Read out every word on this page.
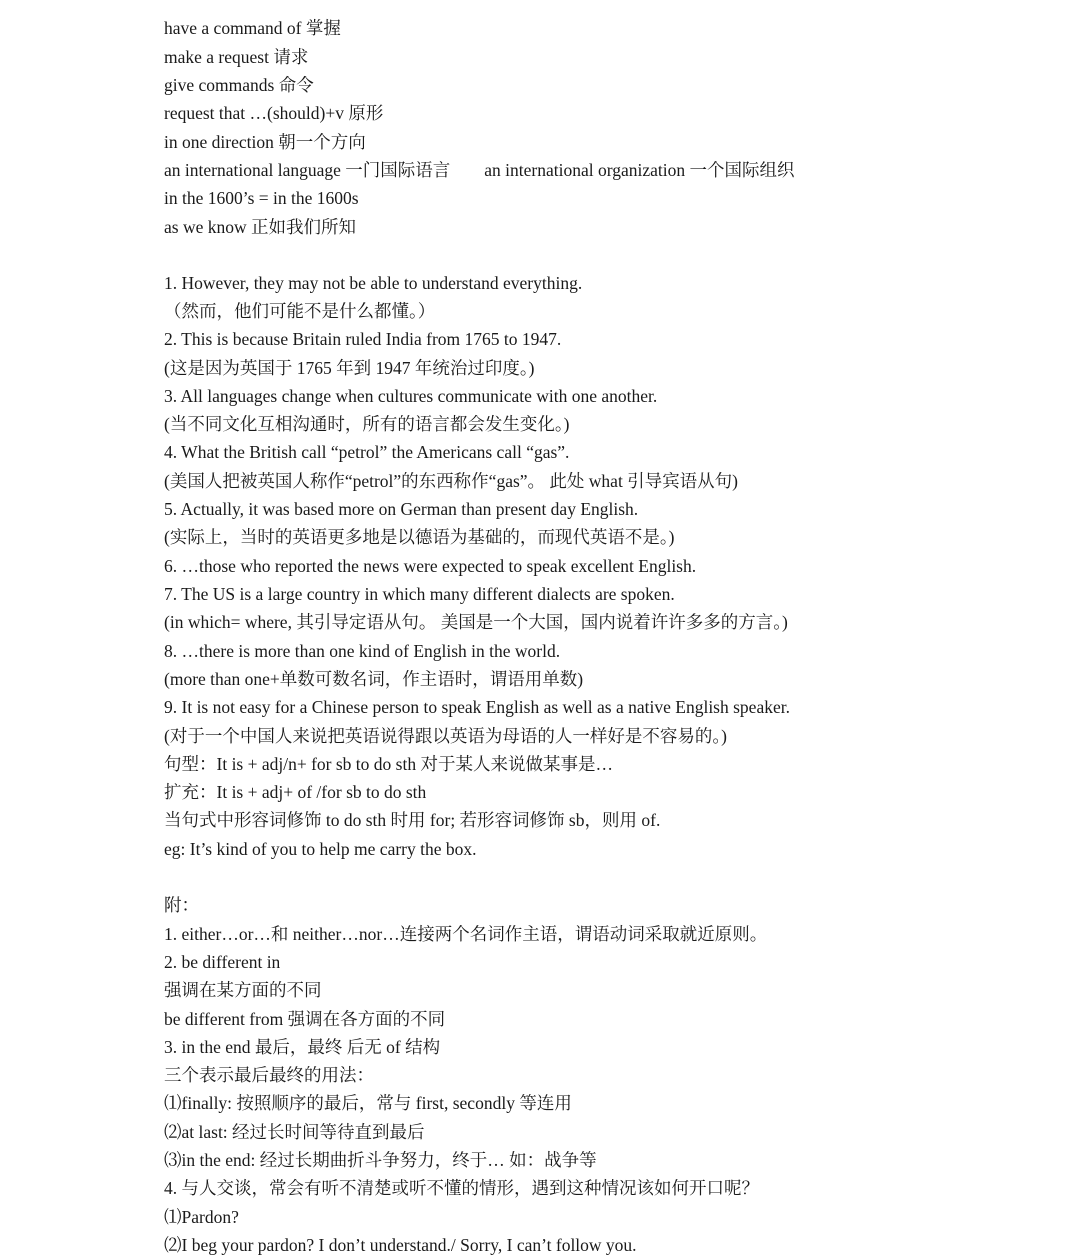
have a command of 掌握
make a request 请求
give commands 命令
request that …(should)+v 原形
in one direction 朝一个方向
an international language 一门国际语言 an international organization 一个国际组织
in the 1600’s = in the 1600s
as we know 正如我们所知
1. However, they may not be able to understand everything.
（然而，他们可能不是什么都懂。）
2. This is because Britain ruled India from 1765 to 1947.
(这是因为英国于 1765 年到 1947 年统治过印度。)
3. All languages change when cultures communicate with one another.
(当不同文化互相沟通时，所有的语言都会发生变化。)
4. What the British call “petrol” the Americans call “gas”.
(美国人把被英国人称作“petrol”的东西称作“gas”。 此处 what 引导宾语从句)
5. Actually, it was based more on German than present day English.
(实际上，当时的英语更多地是以德语为基础的，而现代英语不是。)
6. …those who reported the news were expected to speak excellent English.
7. The US is a large country in which many different dialects are spoken.
(in which= where, 其引导定语从句。 美国是一个大国，国内说着许许多多的方言。)
8. …there is more than one kind of English in the world.
(more than one+单数可数名词，作主语时，谓语用单数)
9. It is not easy for a Chinese person to speak English as well as a native English speaker.
(对于一个中国人来说把英语说得跟以英语为母语的人一样好是不容易的。)
句型：It is + adj/n+ for sb to do sth 对于某人来说做某事是…
扩充：It is + adj+ of /for sb to do sth
当句式中形容词修饰 to do sth 时用 for; 若形容词修饰 sb，则用 of.
eg: It’s kind of you to help me carry the box.
附：
1. either…or…和 neither…nor…连接两个名词作主语，谓语动词采取就近原则。
2. be different in
强调在某方面的不同
be different from 强调在各方面的不同
3. in the end 最后，最终 后无 of 结构
三个表示最后最终的用法：
⑴finally: 按照顺序的最后，常与 first, secondly 等连用
⑵at last: 经过长时间等待直到最后
⑶in the end: 经过长期曲折斗争努力，终于… 如：战争等
4. 与人交谈，常会有听不清楚或听不懂的情形，遇到这种情况该如何开口呢？
⑴Pardon?
⑵I beg your pardon? I don’t understand./ Sorry, I can’t follow you.
